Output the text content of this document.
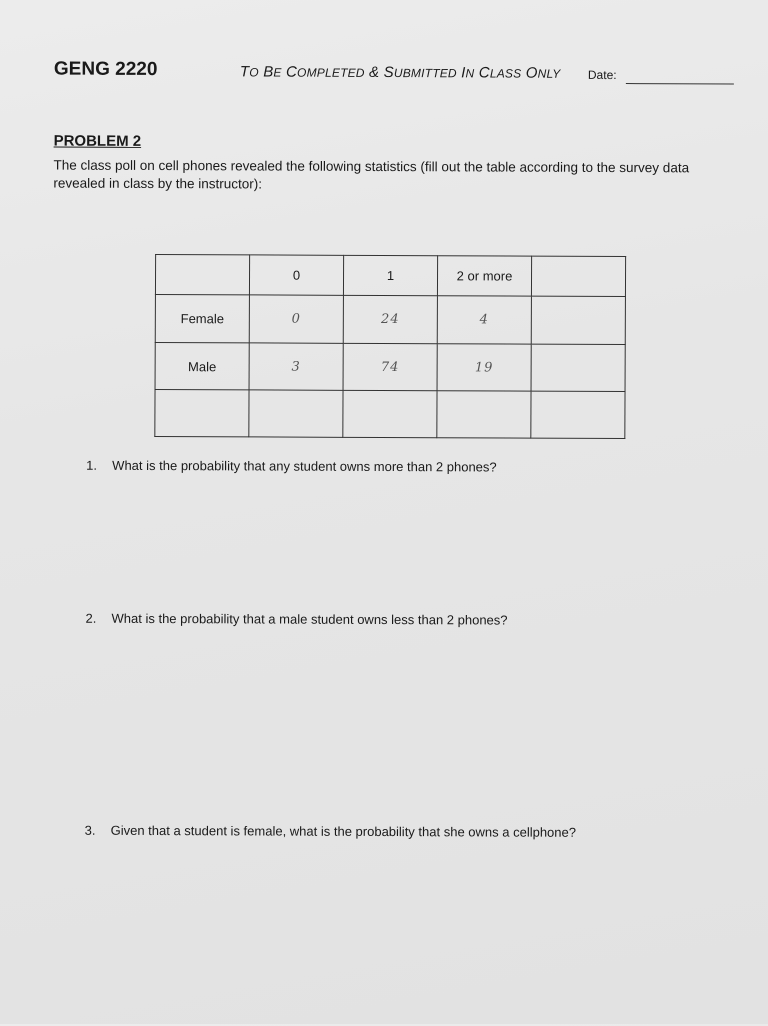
GENG 2220	TO BE COMPLETED & SUBMITTED IN CLASS ONLY Date:
PROBLEM 2
The class poll on cell phones revealed the following statistics (fill out the table according to the survey data revealed in class by the instructor):
	0	1	2 or more	
Female	0	24	4	
Male	3	74	19	

1. What is the probability that any student owns more than 2 phones?
2. What is the probability that a male student owns less than 2 phones?
3. Given that a student is female, what is the probability that she owns a cellphone?
